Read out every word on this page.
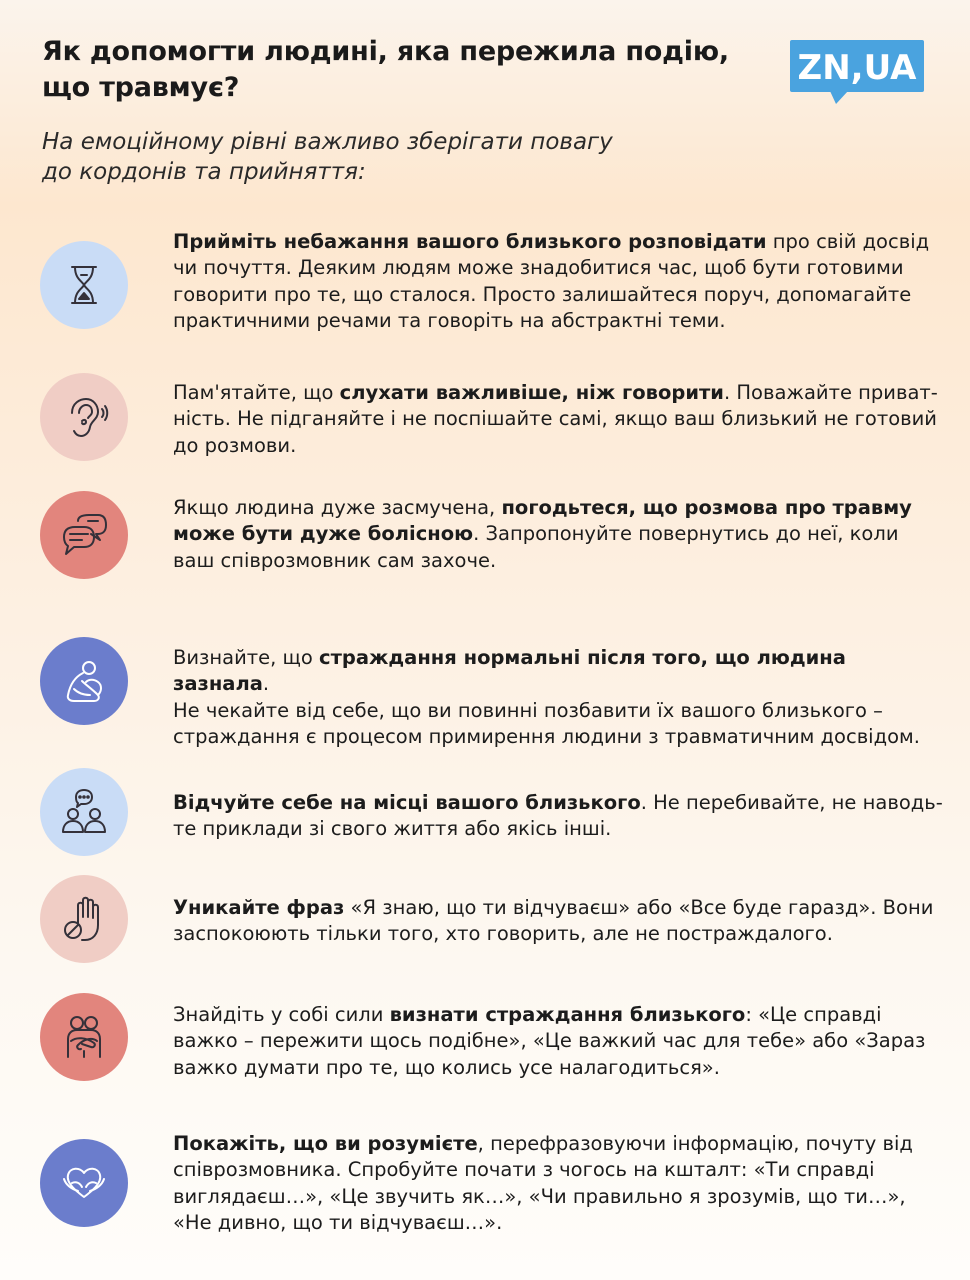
Як допомогти людині, яка пережила подію,
що травмує?	ZN,UA

На емоційному рівні важливо зберігати повагу
до кордонів та прийняття:

Прийміть небажання вашого близького розповідати про свій досвід
чи почуття. Деяким людям може знадобитися час, щоб бути готовими
говорити про те, що сталося. Просто залишайтеся поруч, допомагайте
практичними речами та говоріть на абстрактні теми.
Пам'ятайте, що слухати важливіше, ніж говорити. Поважайте приват-
ність. Не підганяйте і не поспішайте самі, якщо ваш близький не готовий
до розмови.
Якщо людина дуже засмучена, погодьтеся, що розмова про травму
може бути дуже болісною. Запропонуйте повернутись до неї, коли
ваш співрозмовник сам захоче.
Визнайте, що страждання нормальні після того, що людина зазнала.
Не чекайте від себе, що ви повинні позбавити їх вашого близького –
страждання є процесом примирення людини з травматичним досвідом.
Відчуйте себе на місці вашого близького. Не перебивайте, не наводь-
те приклади зі свого життя або якісь інші.
Уникайте фраз «Я знаю, що ти відчуваєш» або «Все буде гаразд». Вони
заспокоюють тільки того, хто говорить, але не постраждалого.
Знайдіть у собі сили визнати страждання близького: «Це справді
важко – пережити щось подібне», «Це важкий час для тебе» або «Зараз
важко думати про те, що колись усе налагодиться».
Покажіть, що ви розумієте, перефразовуючи інформацію, почуту від
співрозмовника. Спробуйте почати з чогось на кшталт: «Ти справді
виглядаєш…», «Це звучить як…», «Чи правильно я зрозумів, що ти…»,
«Не дивно, що ти відчуваєш…».
